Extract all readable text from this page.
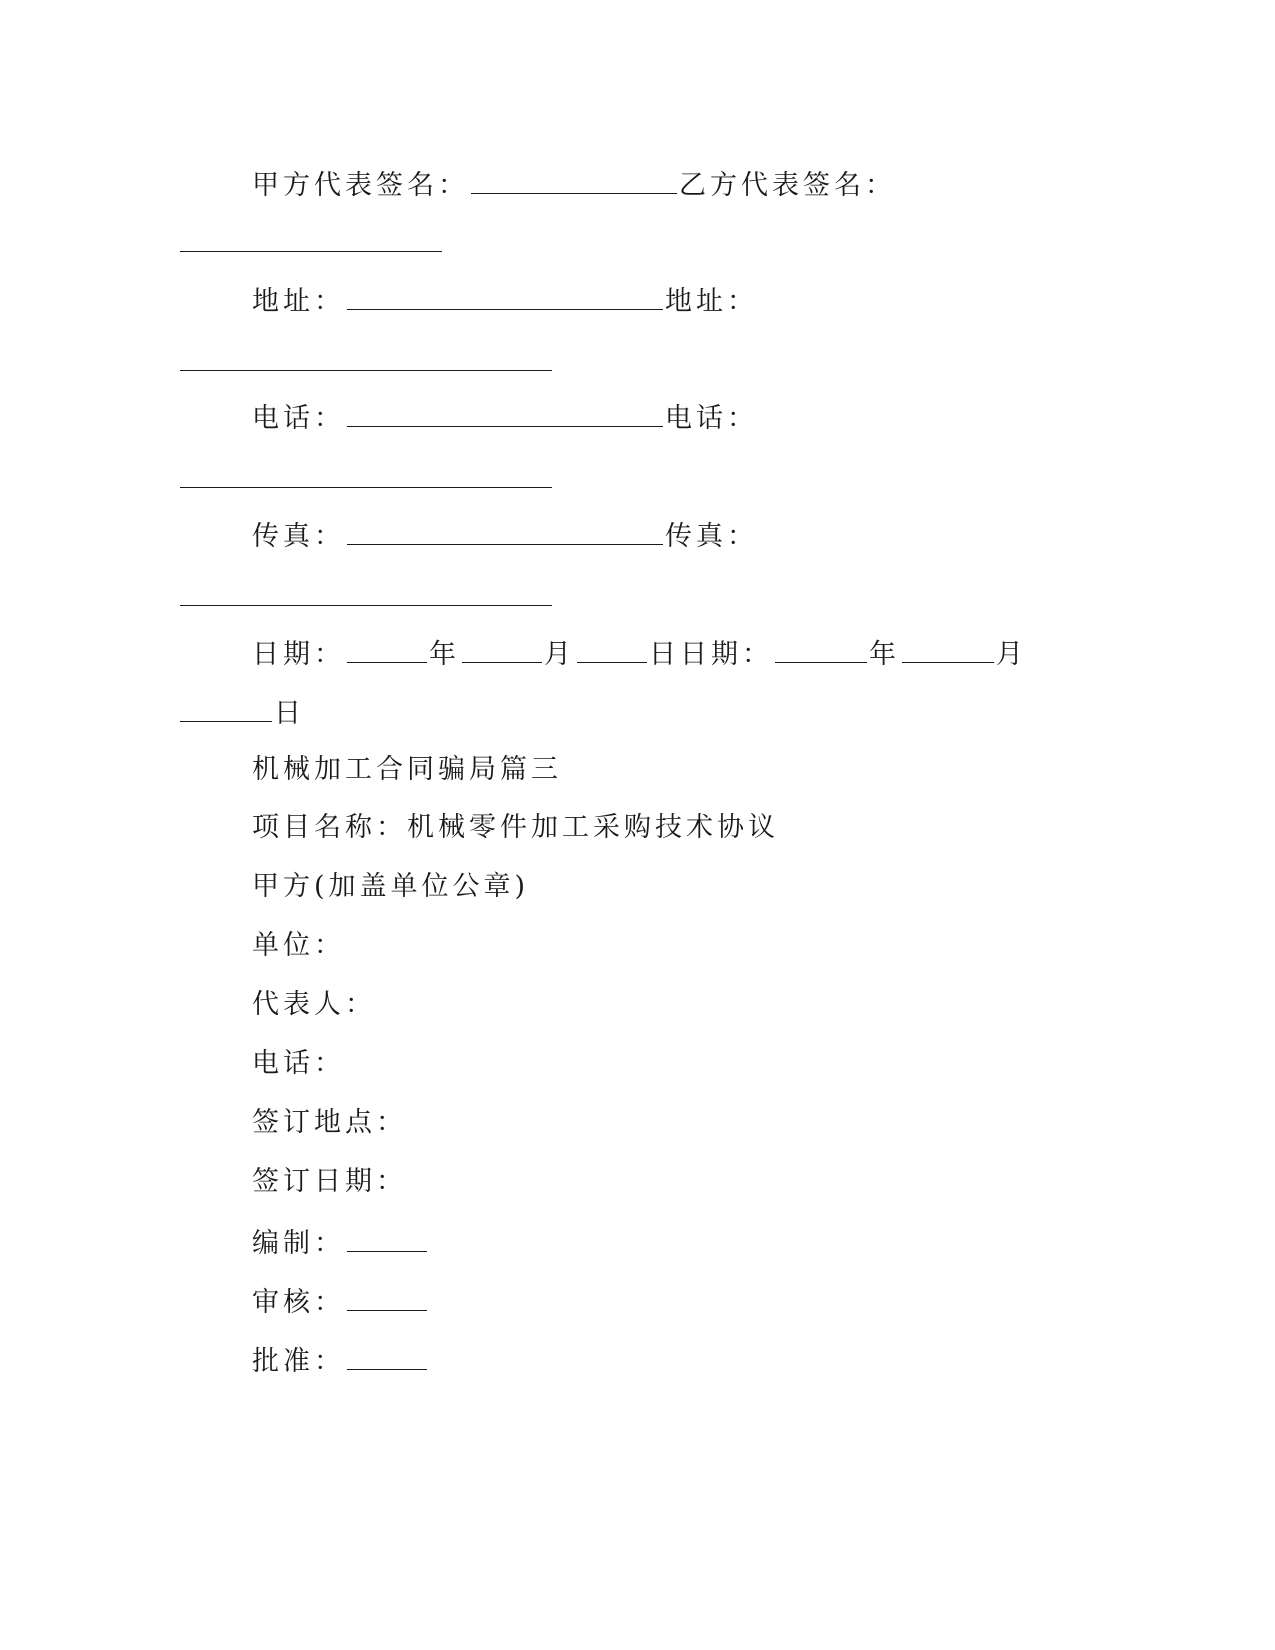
甲方代表签名：	乙方代表签名：
地址：	地址：
电话：	电话：
传真：	传真：
日期：	年	月	日日期：	年	月
日
机械加工合同骗局篇三
项目名称：机械零件加工采购技术协议
甲方(加盖单位公章)
单位：
代表人：
电话：
签订地点：
签订日期：
编制：
审核：
批准：
